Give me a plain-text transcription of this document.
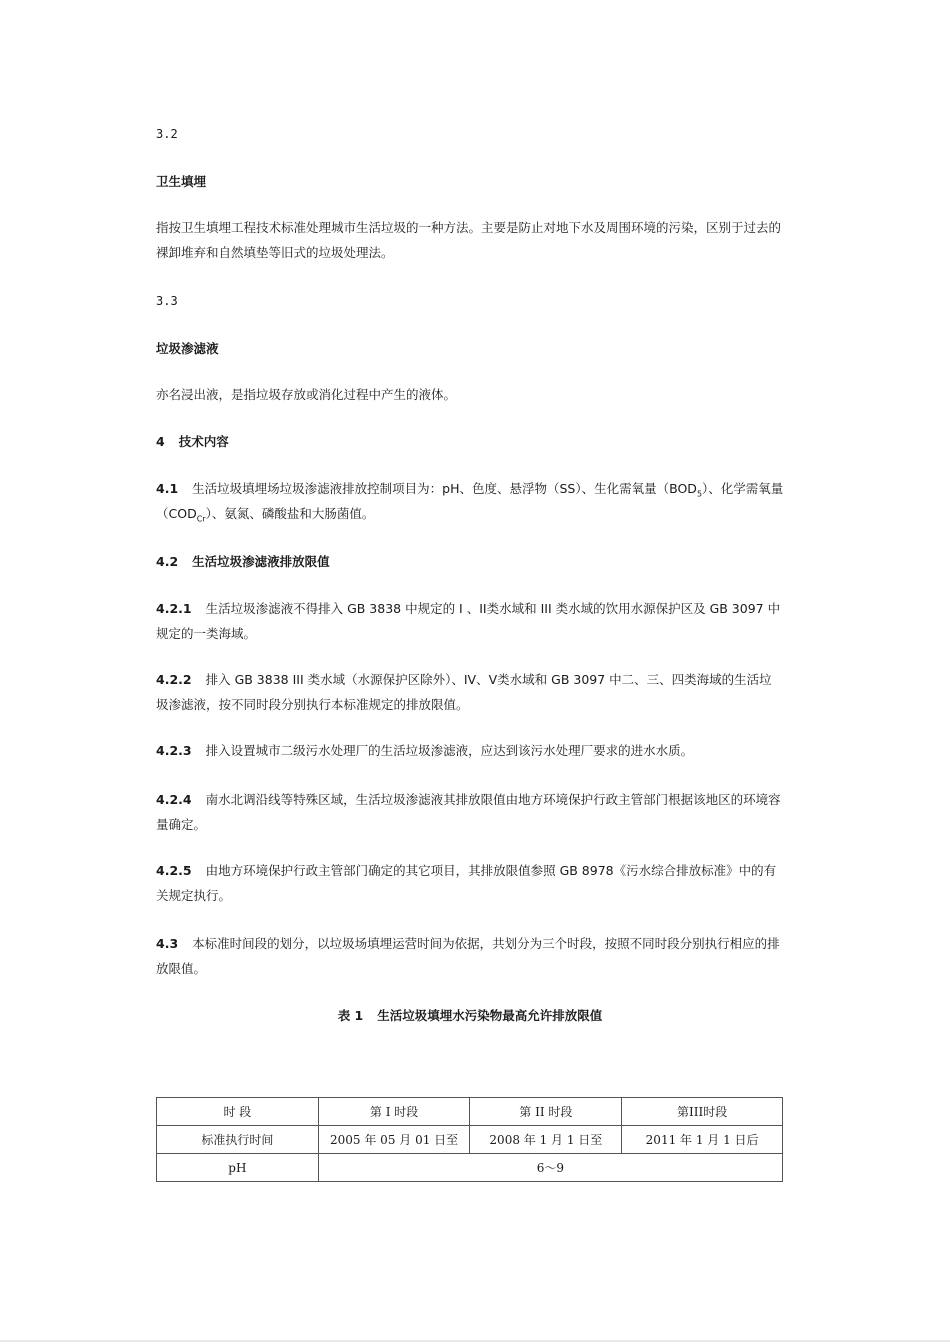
3.2
卫生填埋
指按卫生填埋工程技术标准处理城市生活垃圾的一种方法。主要是防止对地下水及周围环境的污染，区别于过去的裸卸堆弃和自然填垫等旧式的垃圾处理法。
3.3
垃圾渗滤液
亦名浸出液，是指垃圾存放或消化过程中产生的液体。
4 技术内容
4.1 生活垃圾填埋场垃圾渗滤液排放控制项目为：pH、色度、悬浮物（SS）、生化需氧量$(BOD_5)$、化学需氧量$(COD_{Cr})$、氨氮、磷酸盐和大肠菌值。
4.2 生活垃圾渗滤液排放限值
4.2.1 生活垃圾渗滤液不得排入 GB 3838 中规定的 I 、II类水域和 III 类水域的饮用水源保护区及 GB 3097 中规定的一类海域。
4.2.2 排入 GB 3838 III 类水域（水源保护区除外）、IV、V类水域和 GB 3097 中二、三、四类海域的生活垃圾渗滤液，按不同时段分别执行本标准规定的排放限值。
4.2.3 排入设置城市二级污水处理厂的生活垃圾渗滤液，应达到该污水处理厂要求的进水水质。
4.2.4 南水北调沿线等特殊区域，生活垃圾渗滤液其排放限值由地方环境保护行政主管部门根据该地区的环境容量确定。
4.2.5 由地方环境保护行政主管部门确定的其它项目，其排放限值参照 GB 8978《污水综合排放标准》中的有关规定执行。
4.3 本标准时间段的划分，以垃圾场填埋运营时间为依据，共划分为三个时段，按照不同时段分别执行相应的排放限值。
表 1 生活垃圾填埋水污染物最高允许排放限值
时 段	第 I 时段	第 II 时段	第III时段
标准执行时间	2005 年 05 月 01 日至	2008 年 1 月 1 日至	2011 年 1 月 1 日后
pH	6～9		
